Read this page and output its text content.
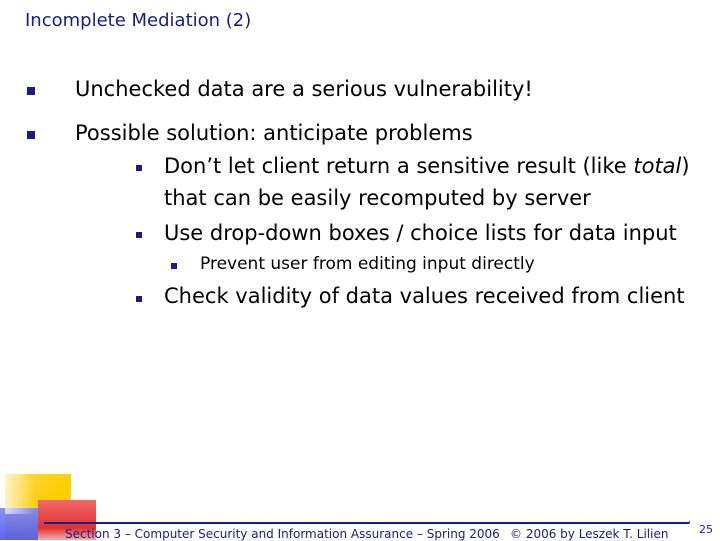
Incomplete Mediation (2)
Unchecked data are a serious vulnerability!
Possible solution: anticipate problems
Don’t let client return a sensitive result (like total)
that can be easily recomputed by server
Use drop-down boxes / choice lists for data input
Prevent user from editing input directly
Check validity of data values received from client
Section 3 – Computer Security and Information Assurance – Spring 2006 © 2006 by Leszek T. Lilien
' 25
